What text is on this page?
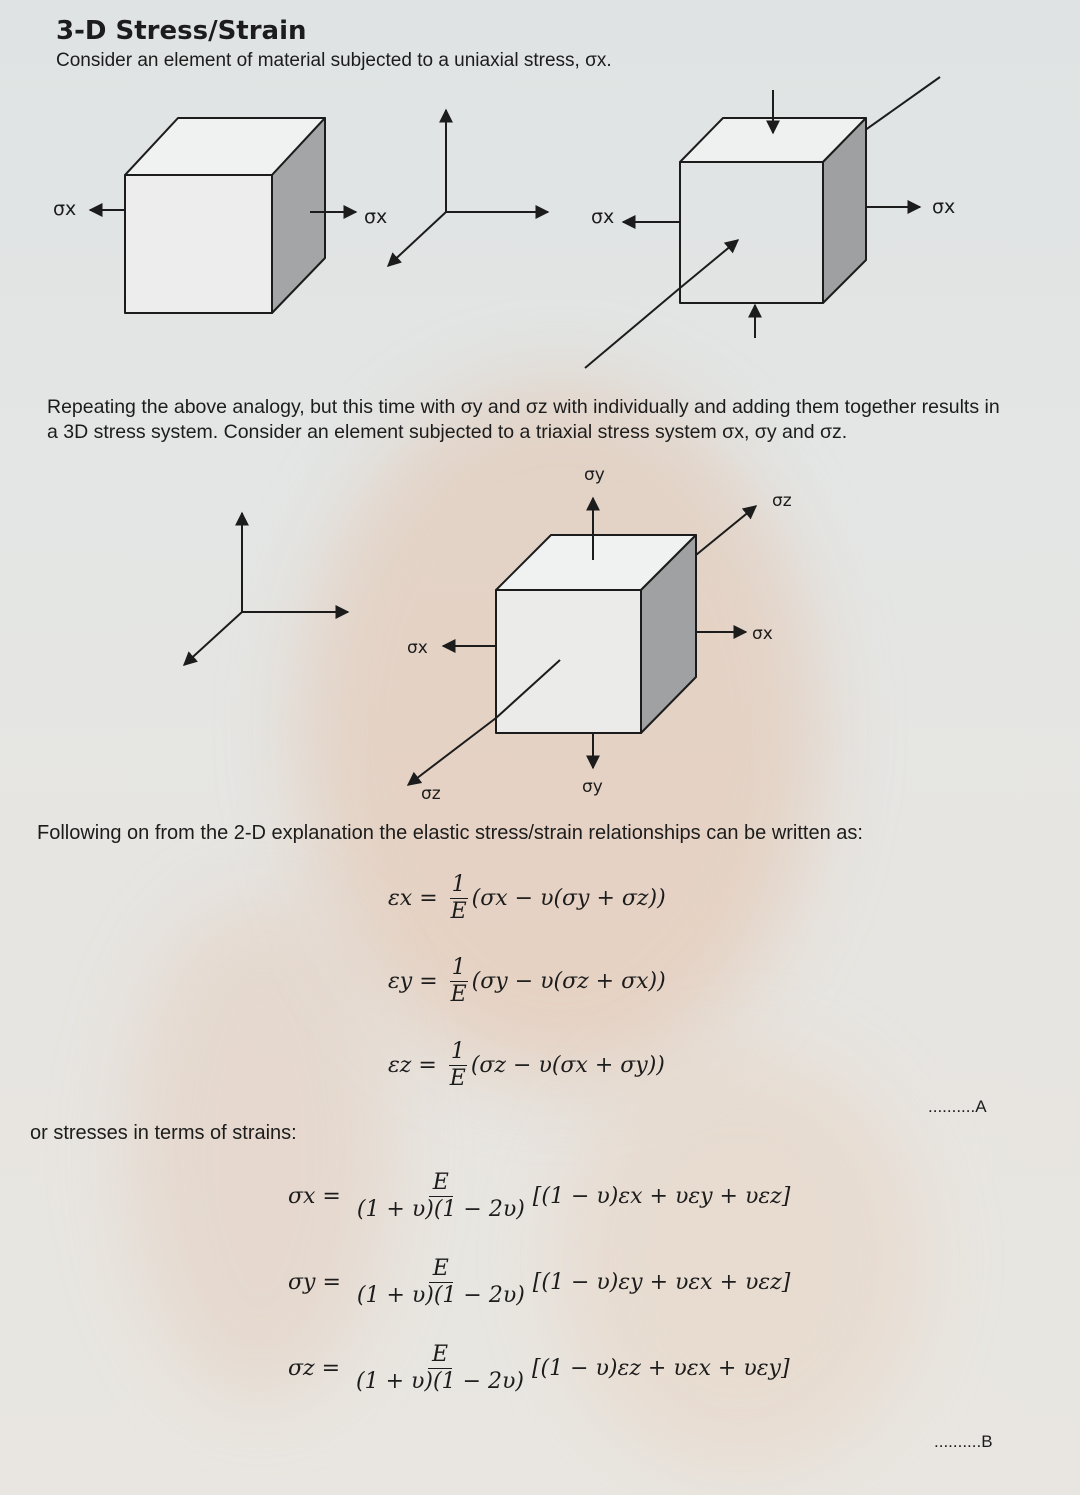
3-D Stress/Strain
Consider an element of material subjected to a uniaxial stress, σx.
σx	σx	σx	σx
Repeating the above analogy, but this time with σy and σz with individually and adding them together results in a 3D stress system. Consider an element subjected to a triaxial stress system σx, σy and σz.
σy
σz
σx
σx
σz	σy
Following on from the 2-D explanation the elastic stress/strain relationships can be written as:
$\varepsilon x = \frac{1}{E} (\sigma x - \upsilon(\sigma y + \sigma z))$
$\varepsilon y = \frac{1}{E} (\sigma y - \upsilon(\sigma z + \sigma x))$
$\varepsilon z = \frac{1}{E} (\sigma z - \upsilon(\sigma x + \sigma y))$
..........A
or stresses in terms of strains:
$\sigma x = \frac{E}{(1 + \upsilon)(1 - 2\upsilon)} [(1 - \upsilon)\varepsilon x + \upsilon\varepsilon y + \upsilon\varepsilon z]$
$\sigma y = \frac{E}{(1 + \upsilon)(1 - 2\upsilon)} [(1 - \upsilon)\varepsilon y + \upsilon\varepsilon x + \upsilon\varepsilon z]$
$\sigma z = \frac{E}{(1 + \upsilon)(1 - 2\upsilon)} [(1 - \upsilon)\varepsilon z + \upsilon\varepsilon x + \upsilon\varepsilon y]$
..........B
